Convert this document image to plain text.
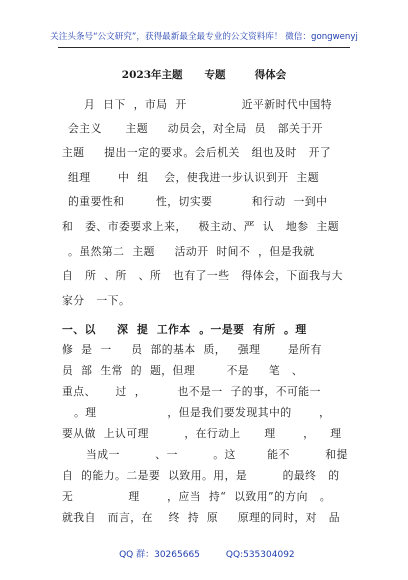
关注头条号“公文研究”，获得最新最全最专业的公文资料库！ 微信：gongwenyj
2023年主题      专题        得体会
月  日下  ，市局  开              近平新时代中国特
会主义      主题     动员会，对全局  员   部关于开
主题     提出一定的要求。会后机关   组也及时   开了
组理       中  组    会，使我进一步认识到开  主题
的重要性和        性，切实要          和行动  一到中
和   委、市委要求上来，   极主动、严  认   地参  主题
。虽然第二  主题     活动开  时间不  ，但是我就
自   所  、所   、所   也有了一些   得体会，下面我与大
家分   一下。
一、以     深  提  工作本  。一是要  有所  。理
修  是  一     员  部的基本  质，   强理       是所有
员  部  生常  的  题，但理        不是     笔   、
重点、     过  ，        也不是一  子的事，不可能一
。理                  ，但是我们要发现其中的       ，
要从做  上认可理         ，在行动上      理       ，    理
当成一         、一         。这        能不         和提
自  的能力。二是要  以致用。用，是         的最终   的
无              理       ，应当  持“  以致用”的方向   。
就我自   而言，在    终  持  原     原理的同时，对   品

QQ 群：30265665	QQ:535304092
